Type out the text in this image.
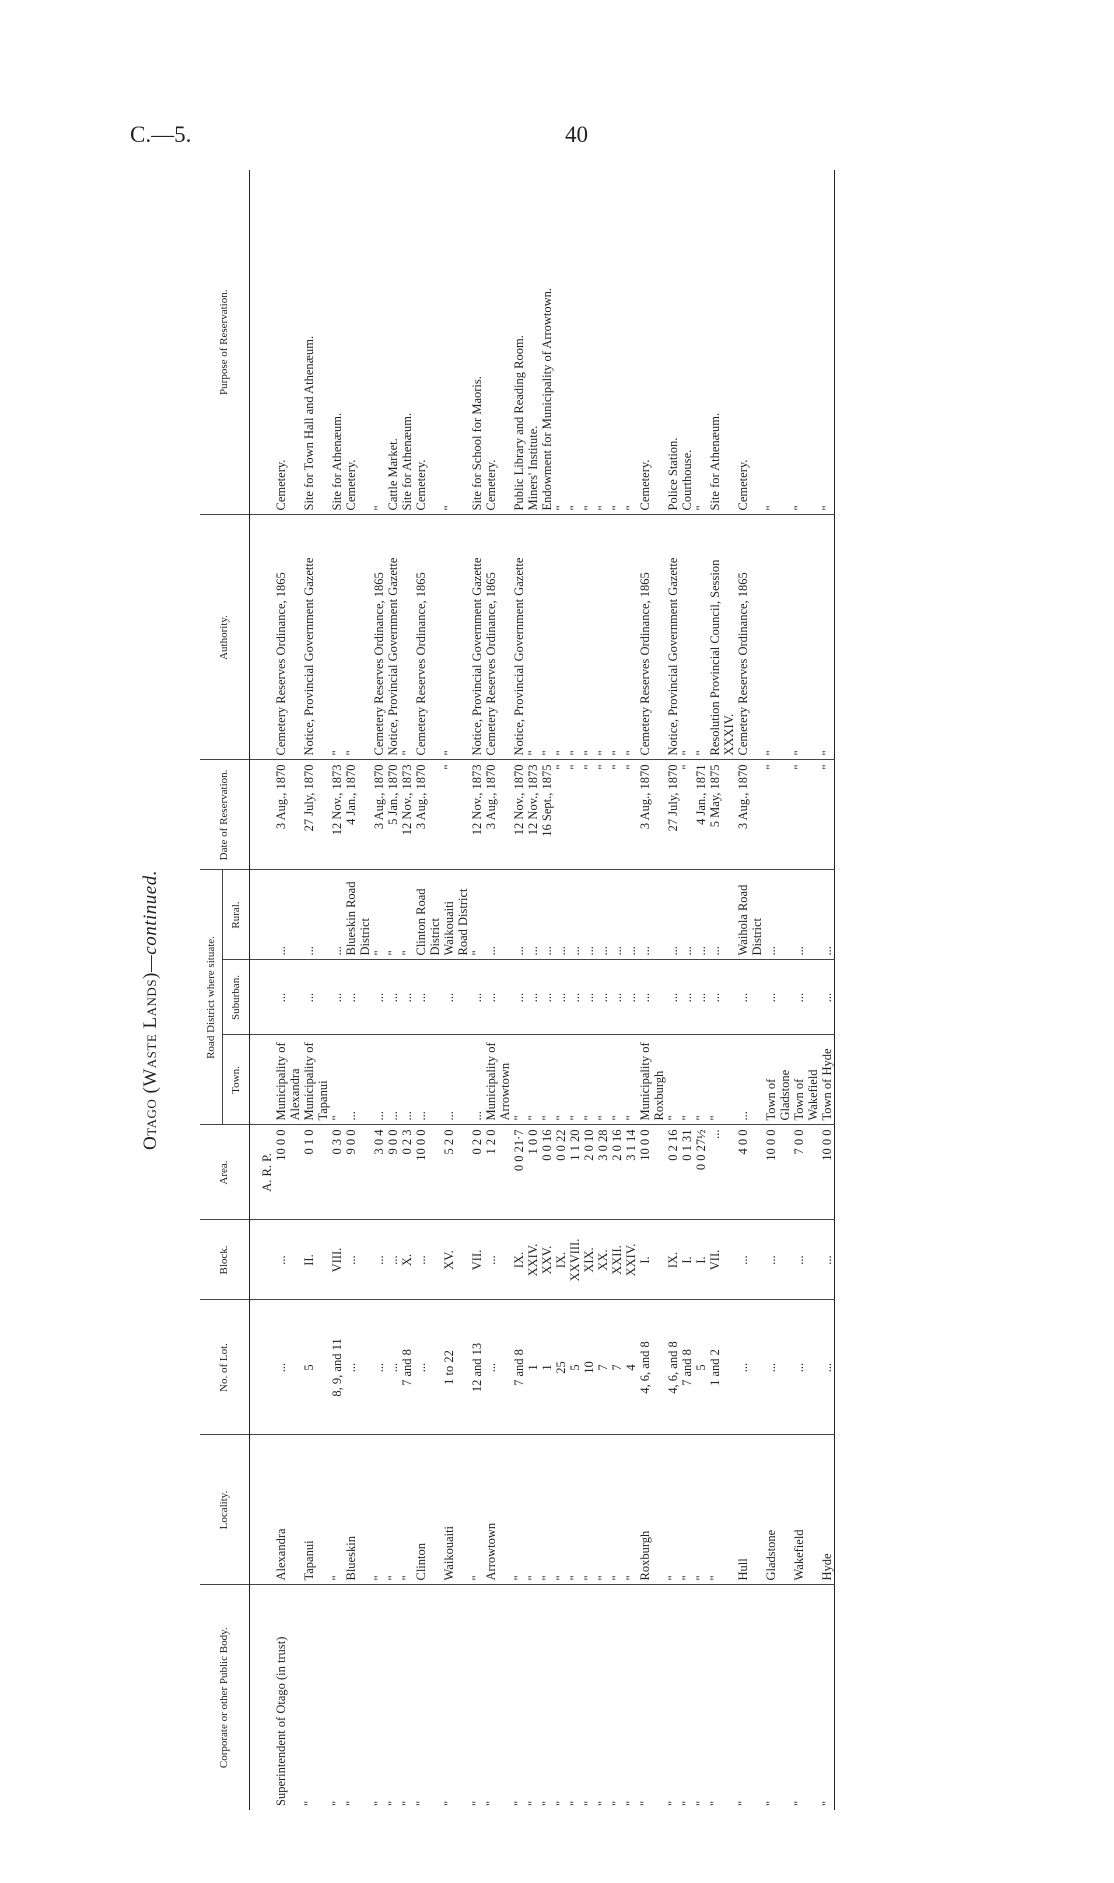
C.—5.	40
Otago (Waste Lands)—continued.
Corporate or other Public Body.	Locality.	No. of Lot.	Block.	Area.	Road District where situate.			Date of Reservation.	Authority.	Purpose of Reservation.
					Town.	Suburban.	Rural.			
				A. R. P.						
Superintendent of Otago (in trust)	Alexandra	...	...	10 0 0	Municipality of Alexandra	...	...	3 Aug., 1870	Cemetery Reserves Ordinance, 1865	Cemetery.
"	Tapanui	5	II.	0 1 0	Municipality of Tapanui	...	...	27 July, 1870	Notice, Provincial Government Gazette	Site for Town Hall and Athenæum.
"	"	8, 9, and 11	VIII.	0 3 0	"	...	...	12 Nov., 1873	"	Site for Athenæum.
"	Blueskin	...	...	9 0 0	...	...	Blueskin Road District	4 Jan., 1870	"	Cemetery.
"	"	...	...	3 0 4	...	...	"	3 Aug., 1870	Cemetery Reserves Ordinance, 1865	"
"	"	...	...	9 0 0	...	...	"	5 Jan., 1870	Notice, Provincial Government Gazette	Cattle Market.
"	"	7 and 8	X.	0 2 3	...	...	"	12 Nov., 1873	"	Site for Athenæum.
"	Clinton	...	...	10 0 0	...	...	Clinton Road District	3 Aug., 1870	Cemetery Reserves Ordinance, 1865	Cemetery.
"	Waikouaiti	1 to 22	XV.	5 2 0	...	...	Waikouaiti Road District	"	"	"
"	"	12 and 13	VII.	0 2 0	...	...	"	12 Nov., 1873	Notice, Provincial Government Gazette	Site for School for Maoris.
"	Arrowtown	...	...	1 2 0	Municipality of Arrowtown	...	...	3 Aug., 1870	Cemetery Reserves Ordinance, 1865	Cemetery.
"	"	7 and 8	IX.	0 0 21·7	"	...	...	12 Nov., 1870	Notice, Provincial Government Gazette	Public Library and Reading Room.
"	"	1	XXIV.	1 0 0	"	...	...	12 Nov., 1873	"	Miners' Institute.
"	"	1	XXV.	0 0 16	"	...	...	16 Sept., 1875	"	Endowment for Municipality of Arrowtown.
"	"	25	IX.	0 0 22	"	...	...	"	"	"
"	"	5	XXVIII.	1 1 20	"	...	...	"	"	"
"	"	10	XIX.	2 0 10	"	...	...	"	"	"
"	"	7	XX.	3 0 28	"	...	...	"	"	"
"	"	7	XXII.	2 0 16	"	...	...	"	"	"
"	"	4	XXIV.	3 1 14	"	...	...	"	"	"
"	Roxburgh	4, 6, and 8	I.	10 0 0	Municipality of Roxburgh	...	...	3 Aug., 1870	Cemetery Reserves Ordinance, 1865	Cemetery.
"	"	4, 6, and 8	IX.	0 2 16	"	...	...	27 July, 1870	Notice, Provincial Government Gazette	Police Station.
"	"	7 and 8	I.	0 1 31	"	...	...	"	"	Courthouse.
"	"	5	I.	0 0 27½	"	...	...	4 Jan., 1871	"	"
"	"	1 and 2	VII.	...	"	...	...	5 May, 1875	Resolution Provincial Council, Session XXXIV.	Site for Athenæum.
"	Hull	...	...	4 0 0	...	...	Waihola Road District	3 Aug., 1870	Cemetery Reserves Ordinance, 1865	Cemetery.
"	Gladstone	...	...	10 0 0	Town of Gladstone	...	...	"	"	"
"	Wakefield	...	...	7 0 0	Town of Wakefield	...	...	"	"	"
"	Hyde	...	...	10 0 0	Town of Hyde	...	...	"	"	"
